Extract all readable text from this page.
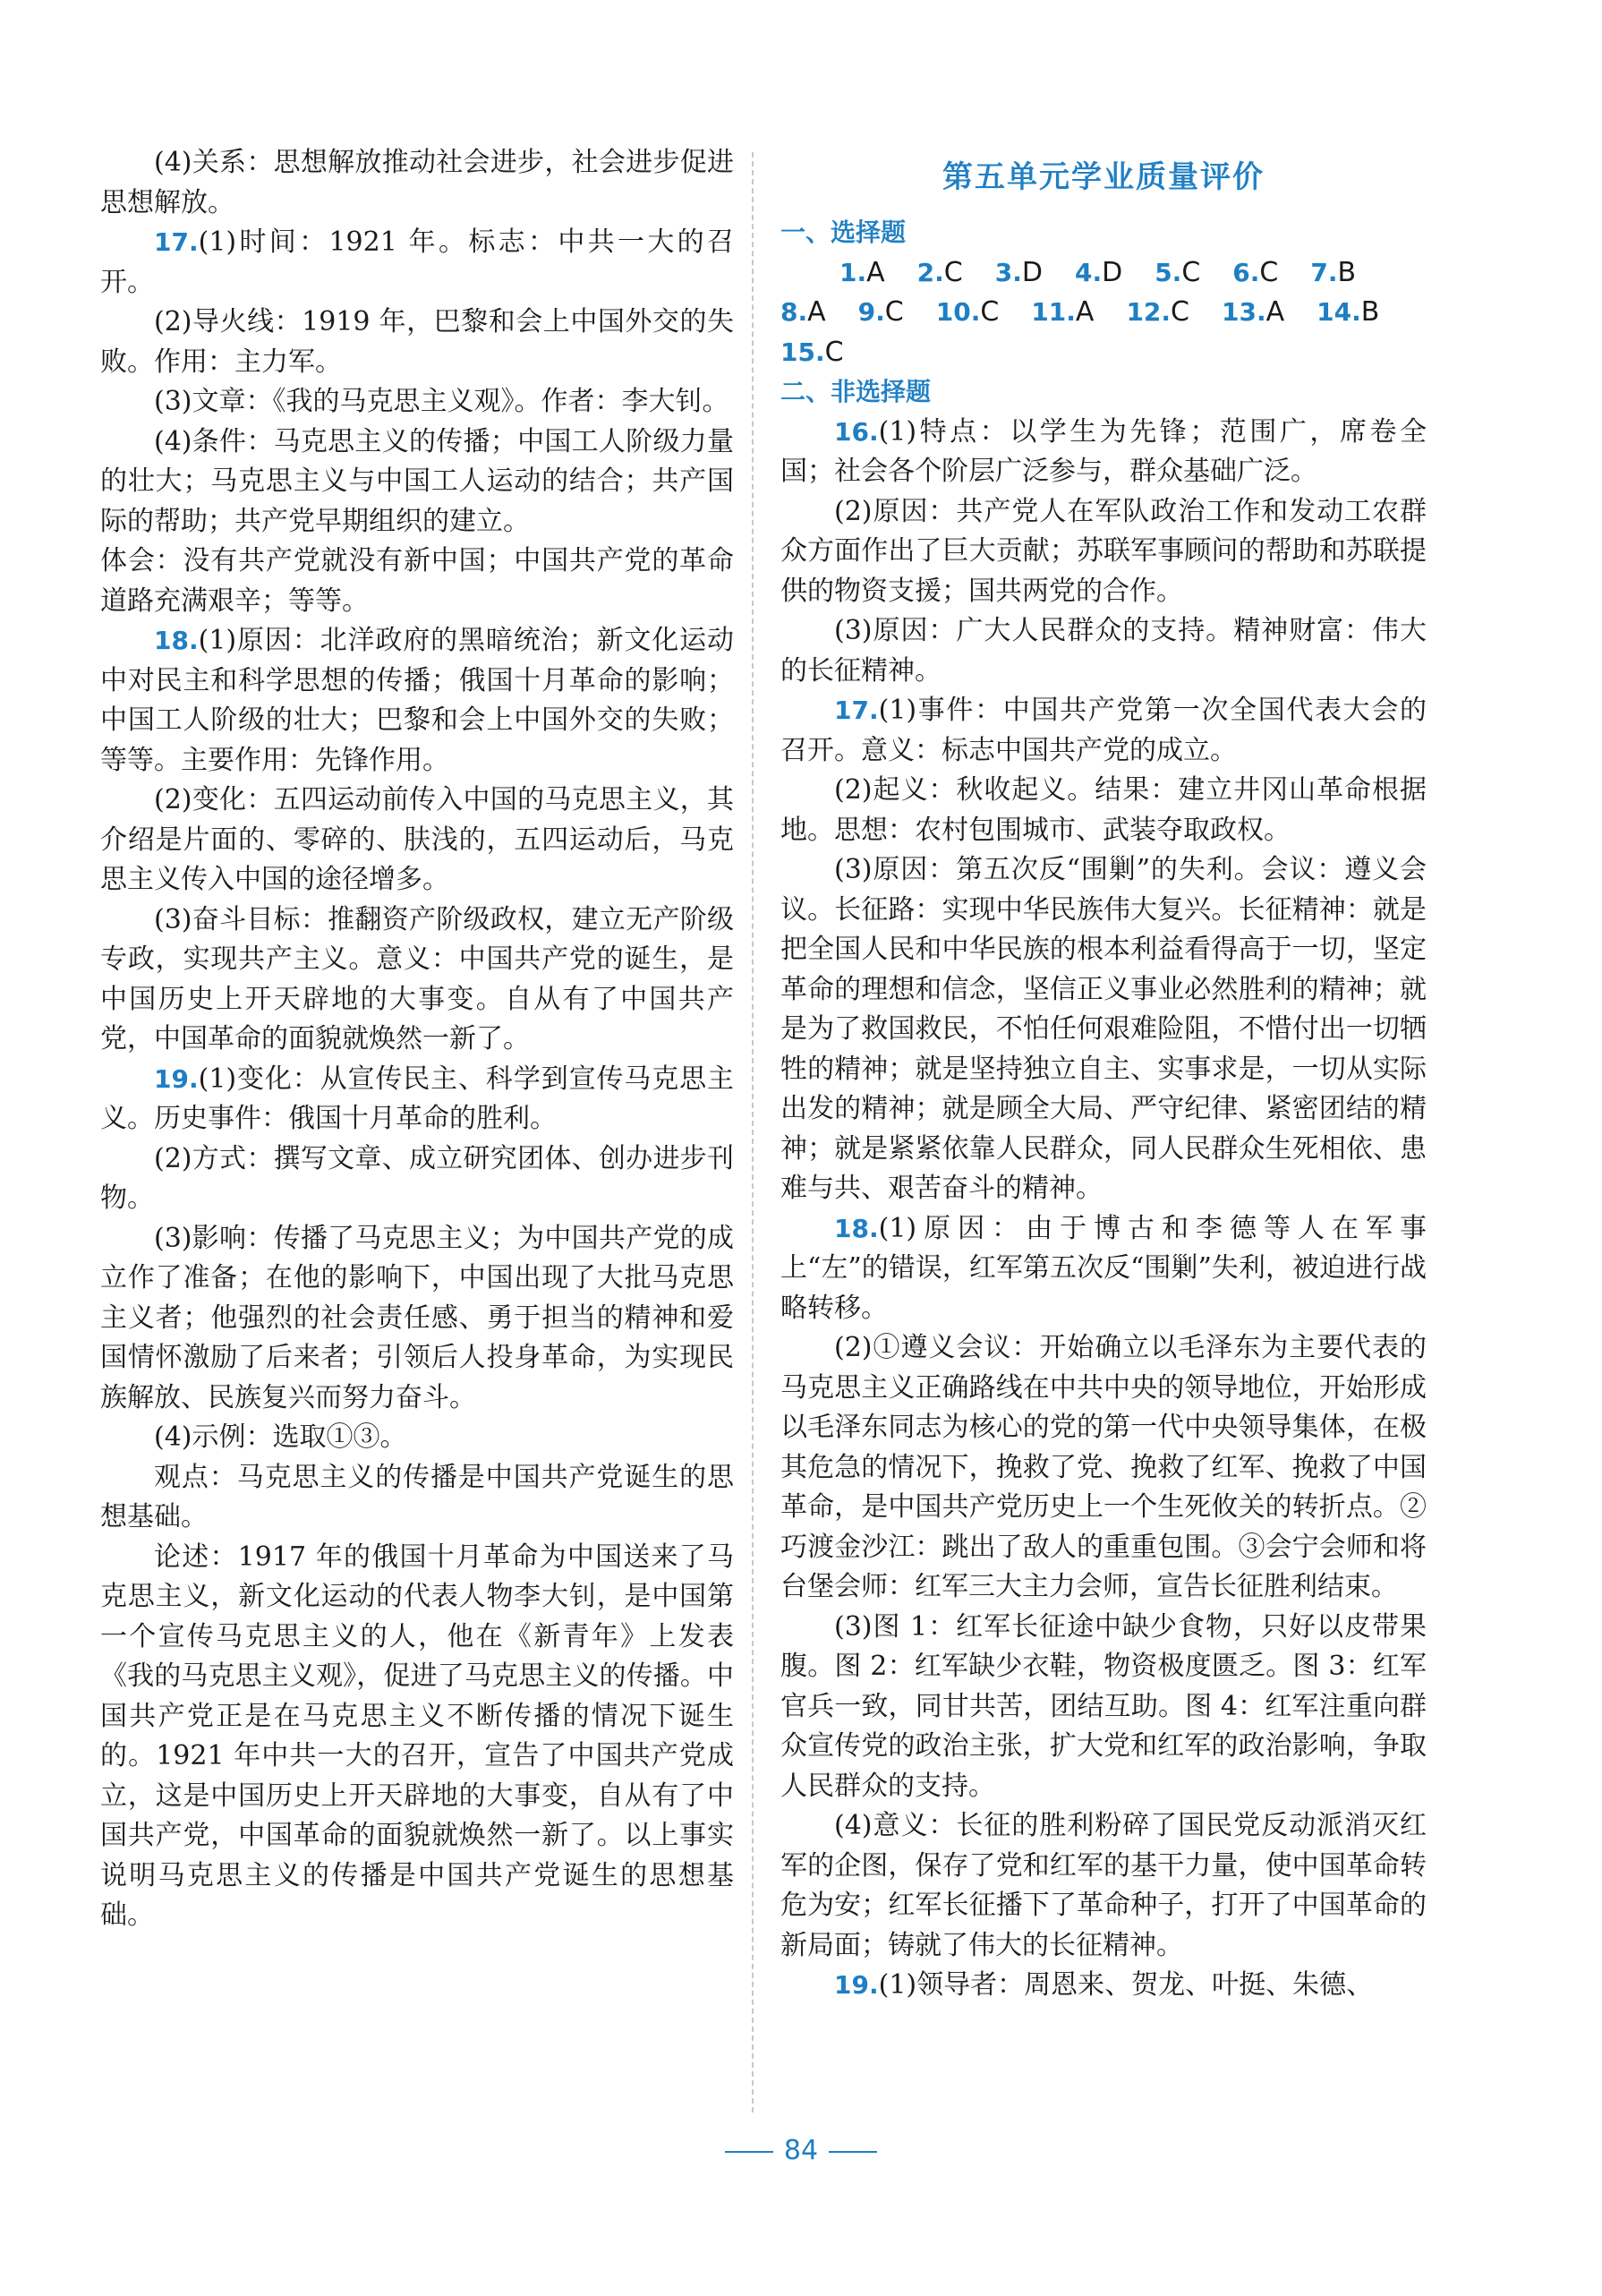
(4)关系：思想解放推动社会进步，社会进步促进思想解放。

17.(1)时间：1921 年。标志：中共一大的召开。

(2)导火线：1919 年，巴黎和会上中国外交的失败。作用：主力军。

(3)文章：《我的马克思主义观》。作者：李大钊。

(4)条件：马克思主义的传播；中国工人阶级力量的壮大；马克思主义与中国工人运动的结合；共产国际的帮助；共产党早期组织的建立。

体会：没有共产党就没有新中国；中国共产党的革命道路充满艰辛；等等。

18.(1)原因：北洋政府的黑暗统治；新文化运动中对民主和科学思想的传播；俄国十月革命的影响；中国工人阶级的壮大；巴黎和会上中国外交的失败；等等。主要作用：先锋作用。

(2)变化：五四运动前传入中国的马克思主义，其介绍是片面的、零碎的、肤浅的，五四运动后，马克思主义传入中国的途径增多。

(3)奋斗目标：推翻资产阶级政权，建立无产阶级专政，实现共产主义。意义：中国共产党的诞生，是中国历史上开天辟地的大事变。自从有了中国共产党，中国革命的面貌就焕然一新了。

19.(1)变化：从宣传民主、科学到宣传马克思主义。历史事件：俄国十月革命的胜利。

(2)方式：撰写文章、成立研究团体、创办进步刊物。

(3)影响：传播了马克思主义；为中国共产党的成立作了准备；在他的影响下，中国出现了大批马克思主义者；他强烈的社会责任感、勇于担当的精神和爱国情怀激励了后来者；引领后人投身革命，为实现民族解放、民族复兴而努力奋斗。

(4)示例：选取①③。

观点：马克思主义的传播是中国共产党诞生的思想基础。

论述：1917 年的俄国十月革命为中国送来了马克思主义，新文化运动的代表人物李大钊，是中国第一个宣传马克思主义的人，他在《新青年》上发表《我的马克思主义观》，促进了马克思主义的传播。中国共产党正是在马克思主义不断传播的情况下诞生的。1921 年中共一大的召开，宣告了中国共产党成立，这是中国历史上开天辟地的大事变，自从有了中国共产党，中国革命的面貌就焕然一新了。以上事实说明马克思主义的传播是中国共产党诞生的思想基础。

第五单元学业质量评价

一、选择题

1.A 2.C 3.D 4.D 5.C 6.C 7.B
8.A 9.C 10.C 11.A 12.C 13.A 14.B
15.C

二、非选择题

16.(1)特点：以学生为先锋；范围广，席卷全国；社会各个阶层广泛参与，群众基础广泛。

(2)原因：共产党人在军队政治工作和发动工农群众方面作出了巨大贡献；苏联军事顾问的帮助和苏联提供的物资支援；国共两党的合作。

(3)原因：广大人民群众的支持。精神财富：伟大的长征精神。

17.(1)事件：中国共产党第一次全国代表大会的召开。意义：标志中国共产党的成立。

(2)起义：秋收起义。结果：建立井冈山革命根据地。思想：农村包围城市、武装夺取政权。

(3)原因：第五次反“围剿”的失利。会议：遵义会议。长征路：实现中华民族伟大复兴。长征精神：就是把全国人民和中华民族的根本利益看得高于一切，坚定革命的理想和信念，坚信正义事业必然胜利的精神；就是为了救国救民，不怕任何艰难险阻，不惜付出一切牺牲的精神；就是坚持独立自主、实事求是，一切从实际出发的精神；就是顾全大局、严守纪律、紧密团结的精神；就是紧紧依靠人民群众，同人民群众生死相依、患难与共、艰苦奋斗的精神。

18.(1)原因：由于博古和李德等人在军事上“左”的错误，红军第五次反“围剿”失利，被迫进行战略转移。

(2)①遵义会议：开始确立以毛泽东为主要代表的马克思主义正确路线在中共中央的领导地位，开始形成以毛泽东同志为核心的党的第一代中央领导集体，在极其危急的情况下，挽救了党、挽救了红军、挽救了中国革命，是中国共产党历史上一个生死攸关的转折点。②巧渡金沙江：跳出了敌人的重重包围。③会宁会师和将台堡会师：红军三大主力会师，宣告长征胜利结束。

(3)图 1：红军长征途中缺少食物，只好以皮带果腹。图 2：红军缺少衣鞋，物资极度匮乏。图 3：红军官兵一致，同甘共苦，团结互助。图 4：红军注重向群众宣传党的政治主张，扩大党和红军的政治影响，争取人民群众的支持。

(4)意义：长征的胜利粉碎了国民党反动派消灭红军的企图，保存了党和红军的基干力量，使中国革命转危为安；红军长征播下了革命种子，打开了中国革命的新局面；铸就了伟大的长征精神。

19.(1)领导者：周恩来、贺龙、叶挺、朱德、

84
